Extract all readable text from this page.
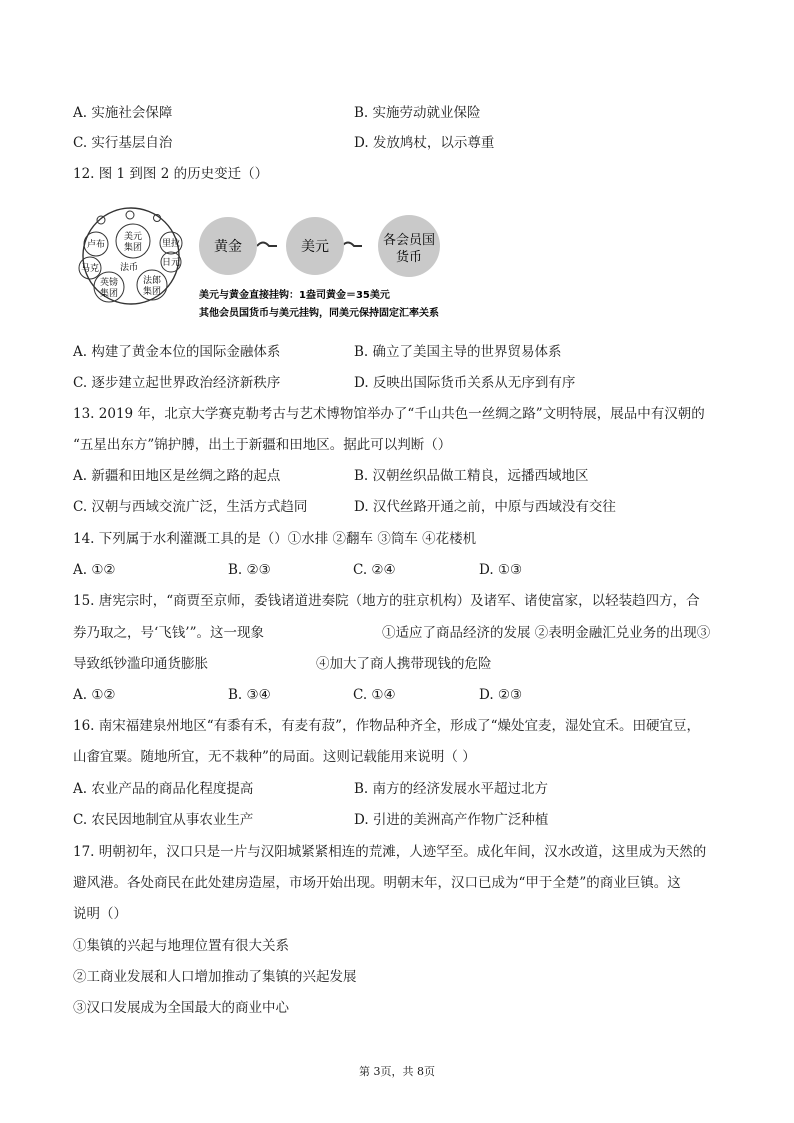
A. 实施社会保障	B. 实施劳动就业保险
C. 实行基层自治	D. 发放鸠杖，以示尊重
12. 图 1 到图 2 的历史变迁（）
卢布
美元
集团 里拉
马克 法币	日元
法郎
集团
英镑
集团
黄金	美元	各会员国
货币
美元与黄金直接挂钩：1盎司黄金＝35美元
其他会员国货币与美元挂钩，同美元保持固定汇率关系
A. 构建了黄金本位的国际金融体系	B. 确立了美国主导的世界贸易体系
C. 逐步建立起世界政治经济新秩序	D. 反映出国际货币关系从无序到有序
13. 2019 年，北京大学赛克勒考古与艺术博物馆举办了“千山共色一丝绸之路”文明特展，展品中有汉朝的
“五星出东方”锦护膊，出土于新疆和田地区。据此可以判断（）
A. 新疆和田地区是丝绸之路的起点	B. 汉朝丝织品做工精良，远播西域地区
C. 汉朝与西域交流广泛，生活方式趋同	D. 汉代丝路开通之前，中原与西域没有交往
14. 下列属于水利灌溉工具的是（）①水排 ②翻车 ③筒车 ④花楼机
A. ①②	B. ②③	C. ②④	D. ①③
15. 唐宪宗时，“商贾至京师，委钱诸道进奏院（地方的驻京机构）及诸军、诸使富家，以轻装趋四方，合
券乃取之，号‘飞钱’”。这一现象	①适应了商品经济的发展 ②表明金融汇兑业务的出现③
导致纸钞滥印通货膨胀	④加大了商人携带现钱的危险
A. ①②	B. ③④	C. ①④	D. ②③
16. 南宋福建泉州地区“有黍有禾，有麦有菽”，作物品种齐全，形成了“燥处宜麦，湿处宜禾。田硬宜豆，
山畬宜粟。随地所宜，无不栽种”的局面。这则记载能用来说明（ ）
A. 农业产品的商品化程度提高	B. 南方的经济发展水平超过北方
C. 农民因地制宜从事农业生产	D. 引进的美洲高产作物广泛种植
17. 明朝初年，汉口只是一片与汉阳城紧紧相连的荒滩，人迹罕至。成化年间，汉水改道，这里成为天然的
避风港。各处商民在此处建房造屋，市场开始出现。明朝末年，汉口已成为“甲于全楚”的商业巨镇。这
说明（）
①集镇的兴起与地理位置有很大关系
②工商业发展和人口增加推动了集镇的兴起发展
③汉口发展成为全国最大的商业中心
第 3页，共 8页
